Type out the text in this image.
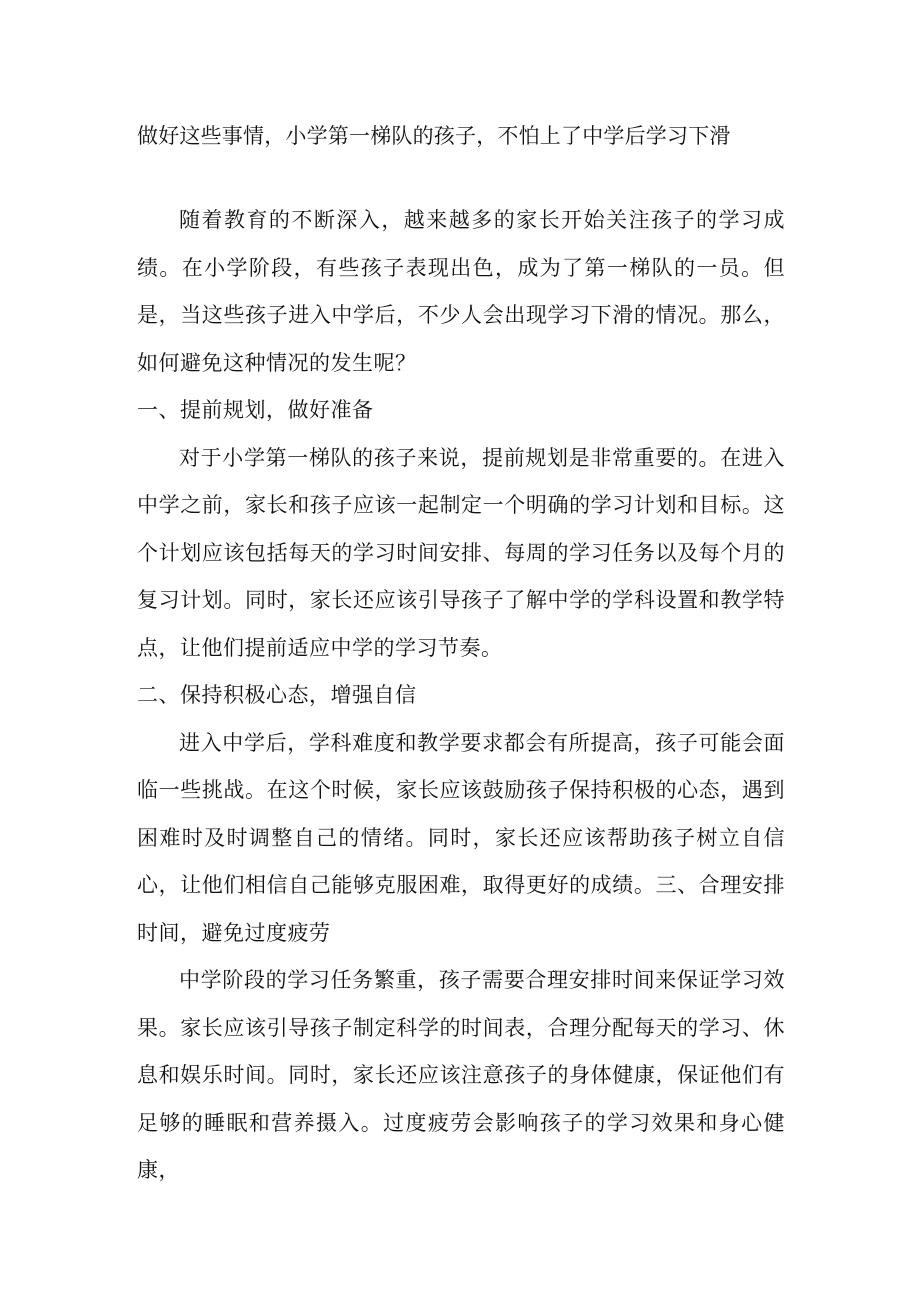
做好这些事情，小学第一梯队的孩子，不怕上了中学后学习下滑

随着教育的不断深入，越来越多的家长开始关注孩子的学习成绩。在小学阶段，有些孩子表现出色，成为了第一梯队的一员。但是，当这些孩子进入中学后，不少人会出现学习下滑的情况。那么，如何避免这种情况的发生呢？

一、提前规划，做好准备

对于小学第一梯队的孩子来说，提前规划是非常重要的。在进入中学之前，家长和孩子应该一起制定一个明确的学习计划和目标。这个计划应该包括每天的学习时间安排、每周的学习任务以及每个月的复习计划。同时，家长还应该引导孩子了解中学的学科设置和教学特点，让他们提前适应中学的学习节奏。

二、保持积极心态，增强自信

进入中学后，学科难度和教学要求都会有所提高，孩子可能会面临一些挑战。在这个时候，家长应该鼓励孩子保持积极的心态，遇到困难时及时调整自己的情绪。同时，家长还应该帮助孩子树立自信心，让他们相信自己能够克服困难，取得更好的成绩。三、合理安排时间，避免过度疲劳

中学阶段的学习任务繁重，孩子需要合理安排时间来保证学习效果。家长应该引导孩子制定科学的时间表，合理分配每天的学习、休息和娱乐时间。同时，家长还应该注意孩子的身体健康，保证他们有足够的睡眠和营养摄入。过度疲劳会影响孩子的学习效果和身心健康，
